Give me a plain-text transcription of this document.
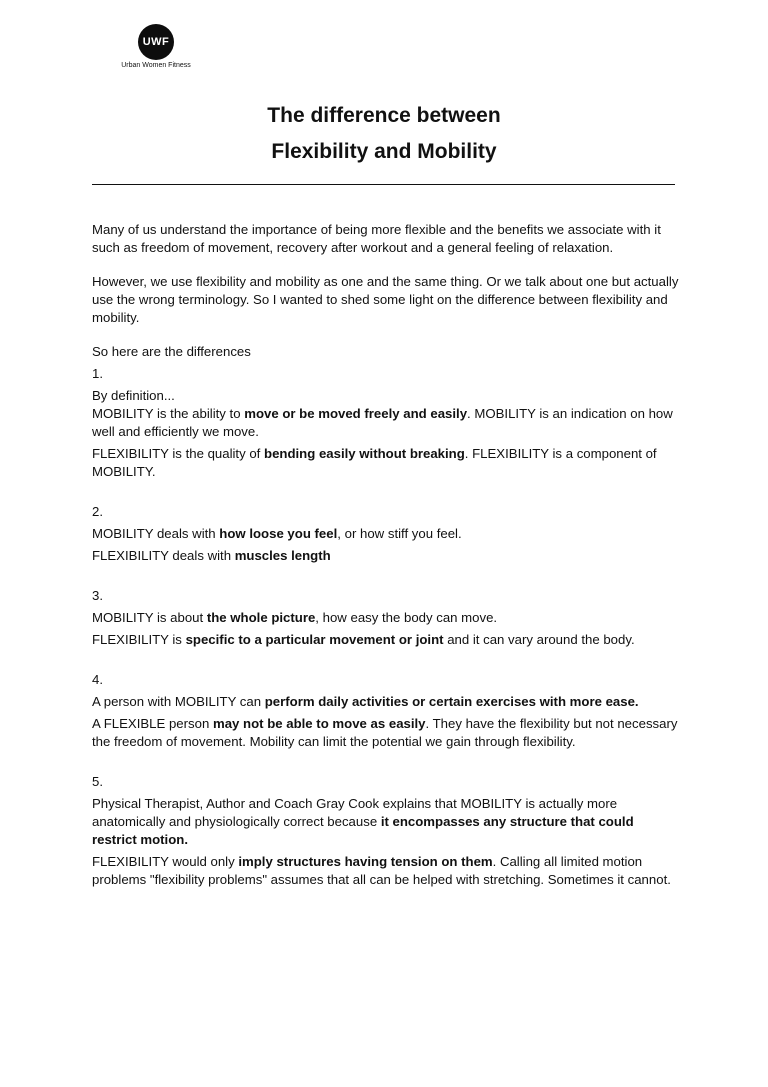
UWF
Urban Women Fitness
The difference between
Flexibility and Mobility

Many of us understand the importance of being more flexible and the benefits we associate with it such as freedom of movement, recovery after workout and a general feeling of relaxation.

However, we use flexibility and mobility as one and the same thing. Or we talk about one but actually use the wrong terminology. So I wanted to shed some light on the difference between flexibility and mobility.

So here are the differences

1.

By definition...

MOBILITY is the ability to move or be moved freely and easily. MOBILITY is an indication on how well and efficiently we move.

FLEXIBILITY is the quality of bending easily without breaking. FLEXIBILITY is a component of MOBILITY.

2.

MOBILITY deals with how loose you feel, or how stiff you feel.

FLEXIBILITY deals with muscles length

3.

MOBILITY is about the whole picture, how easy the body can move.

FLEXIBILITY is specific to a particular movement or joint and it can vary around the body.

4.

A person with MOBILITY can perform daily activities or certain exercises with more ease.

A FLEXIBLE person may not be able to move as easily. They have the flexibility but not necessary the freedom of movement. Mobility can limit the potential we gain through flexibility.

5.

Physical Therapist, Author and Coach Gray Cook explains that MOBILITY is actually more anatomically and physiologically correct because it encompasses any structure that could restrict motion.

FLEXIBILITY would only imply structures having tension on them. Calling all limited motion problems "flexibility problems" assumes that all can be helped with stretching. Sometimes it cannot.
